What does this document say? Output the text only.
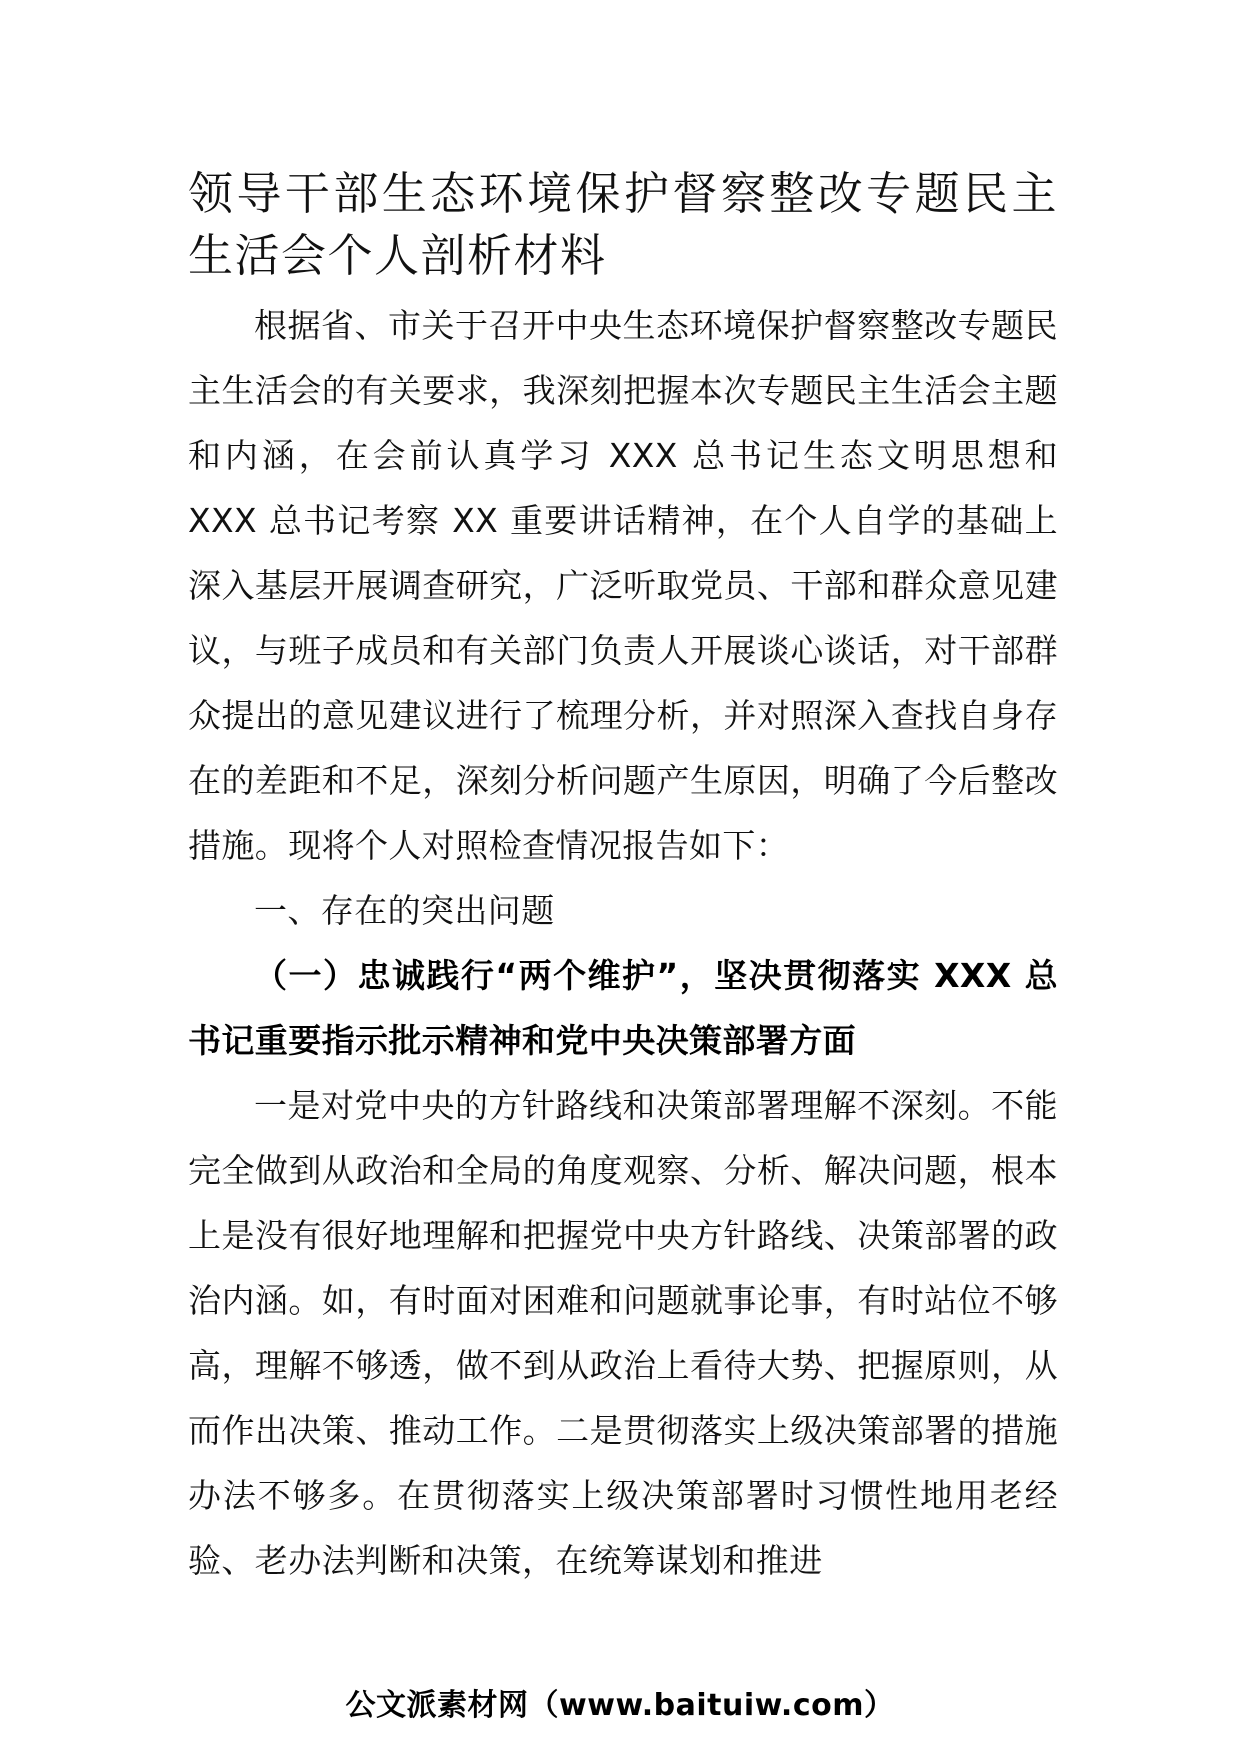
领导干部生态环境保护督察整改专题民主生活会个人剖析材料

根据省、市关于召开中央生态环境保护督察整改专题民主生活会的有关要求，我深刻把握本次专题民主生活会主题和内涵，在会前认真学习 XXX 总书记生态文明思想和 XXX 总书记考察 XX 重要讲话精神，在个人自学的基础上深入基层开展调查研究，广泛听取党员、干部和群众意见建议，与班子成员和有关部门负责人开展谈心谈话，对干部群众提出的意见建议进行了梳理分析，并对照深入查找自身存在的差距和不足，深刻分析问题产生原因，明确了今后整改措施。现将个人对照检查情况报告如下：

一、存在的突出问题

（一）忠诚践行“两个维护”，坚决贯彻落实 XXX 总书记重要指示批示精神和党中央决策部署方面

一是对党中央的方针路线和决策部署理解不深刻。不能完全做到从政治和全局的角度观察、分析、解决问题，根本上是没有很好地理解和把握党中央方针路线、决策部署的政治内涵。如，有时面对困难和问题就事论事，有时站位不够高，理解不够透，做不到从政治上看待大势、把握原则，从而作出决策、推动工作。二是贯彻落实上级决策部署的措施办法不够多。在贯彻落实上级决策部署时习惯性地用老经验、老办法判断和决策，在统筹谋划和推进

公文派素材网（www.baituiw.com）
